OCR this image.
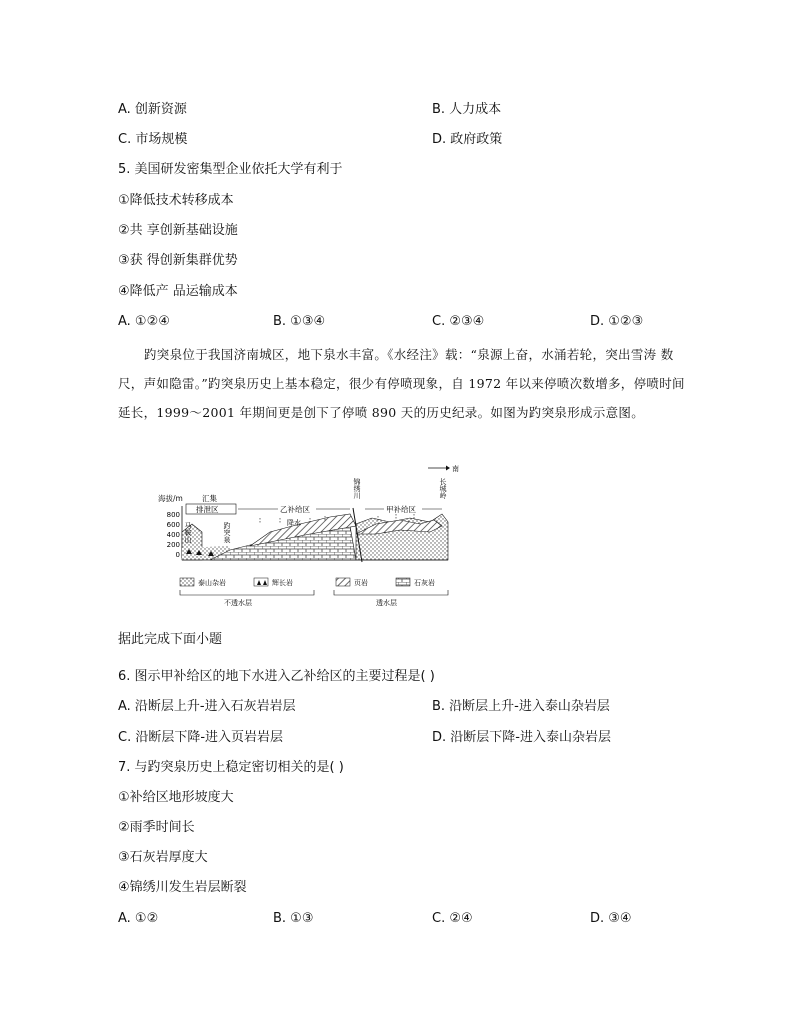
A. 创新资源	B. 人力成本
C. 市场规模	D. 政府政策
5. 美国研发密集型企业依托大学有利于
①降低技术转移成本
②共 享创新基础设施
③获 得创新集群优势
④降低产 品运输成本
A. ①②④	B. ①③④	C. ②③④	D. ①②③

趵突泉位于我国济南城区，地下泉水丰富。《水经注》载：“泉源上奋，水涌若轮，突出雪涛 数尺，声如隐雷。”趵突泉历史上基本稳定，很少有停喷现象，自 1972 年以来停喷次数增多，停喷时间延长，1999～2001 年期间更是创下了停喷 890 天的历史纪录。如图为趵突泉形成示意图。

海拔/m
800
600
400
200
0
汇集
排泄区	乙补给区	甲补给区
锦绣川
南
长城岭
马鞍山	趵突泉	降水
泰山杂岩	辉长岩	页岩	石灰岩
不透水层	透水层
据此完成下面小题
6. 图示甲补给区的地下水进入乙补给区的主要过程是( )
A. 沿断层上升-进入石灰岩岩层	B. 沿断层上升-进入泰山杂岩层
C. 沿断层下降-进入页岩岩层	D. 沿断层下降-进入泰山杂岩层
7. 与趵突泉历史上稳定密切相关的是( )
①补给区地形坡度大
②雨季时间长
③石灰岩厚度大
④锦绣川发生岩层断裂
A. ①②	B. ①③	C. ②④	D. ③④
